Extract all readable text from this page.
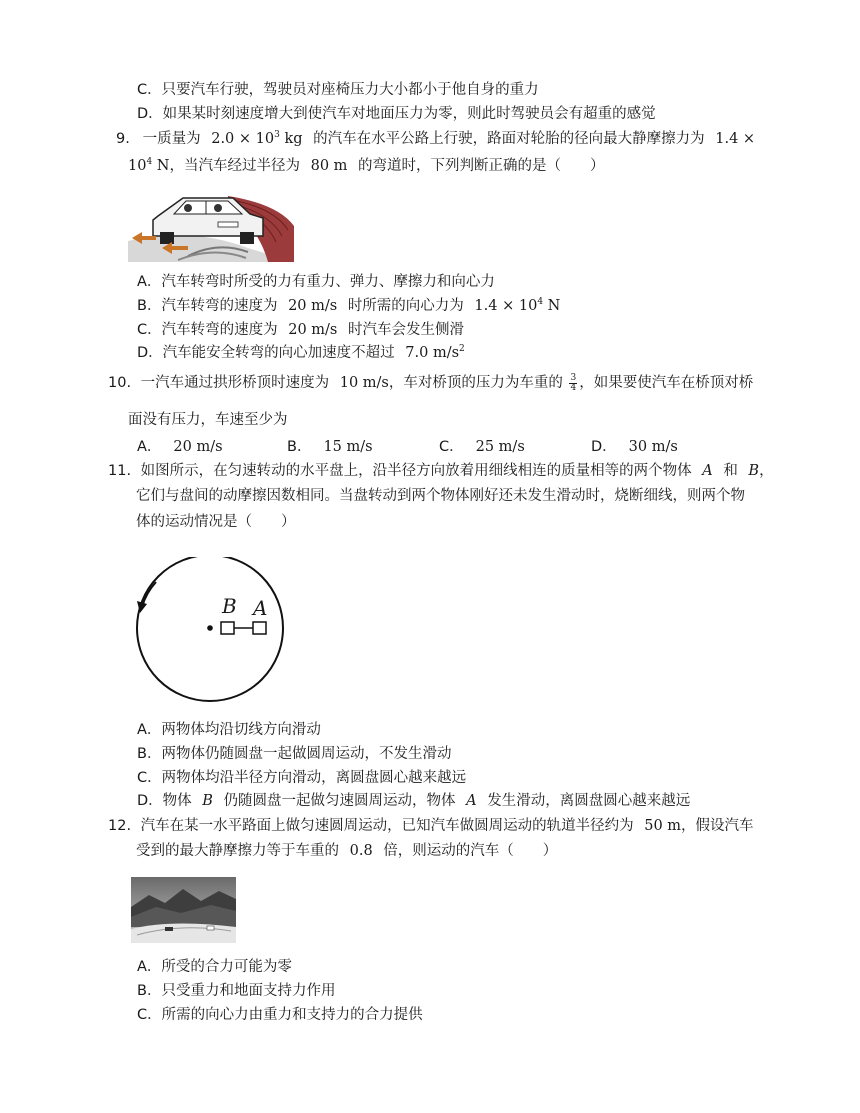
C．只要汽车行驶，驾驶员对座椅压力大小都小于他自身的重力
D．如果某时刻速度增大到使汽车对地面压力为零，则此时驾驶员会有超重的感觉
9. 一质量为 $2.0 \times 10^3$ kg 的汽车在水平公路上行驶，路面对轮胎的径向最大静摩擦力为 1.4 ×
$10^4$ N，当汽车经过半径为 80 m 的弯道时，下列判断正确的是（　　）
A．汽车转弯时所受的力有重力、弹力、摩擦力和向心力
B．汽车转弯的速度为 20 m/s 时所需的向心力为 $1.4 \times 10^4$ N
C．汽车转弯的速度为 20 m/s 时汽车会发生侧滑
D．汽车能安全转弯的向心加速度不超过 7.0 $m/s^2$
10. 一汽车通过拱形桥顶时速度为 10 m/s，车对桥顶的压力为车重的 $\frac{3}{4}$ ，如果要使汽车在桥顶对桥
面没有压力，车速至少为
A． 20 m/s	B． 15 m/s	C． 25 m/s	D． 30 m/s
11. 如图所示，在匀速转动的水平盘上，沿半径方向放着用细线相连的质量相等的两个物体 A 和 B，
它们与盘间的动摩擦因数相同。当盘转动到两个物体刚好还未发生滑动时，烧断细线，则两个物
体的运动情况是（　　）
B A
A．两物体均沿切线方向滑动
B．两物体仍随圆盘一起做圆周运动，不发生滑动
C．两物体均沿半径方向滑动，离圆盘圆心越来越远
D．物体 B 仍随圆盘一起做匀速圆周运动，物体 A 发生滑动，离圆盘圆心越来越远
12. 汽车在某一水平路面上做匀速圆周运动，已知汽车做圆周运动的轨道半径约为 50 m，假设汽车
受到的最大静摩擦力等于车重的 0.8 倍，则运动的汽车（　　）
A．所受的合力可能为零
B．只受重力和地面支持力作用
C．所需的向心力由重力和支持力的合力提供
